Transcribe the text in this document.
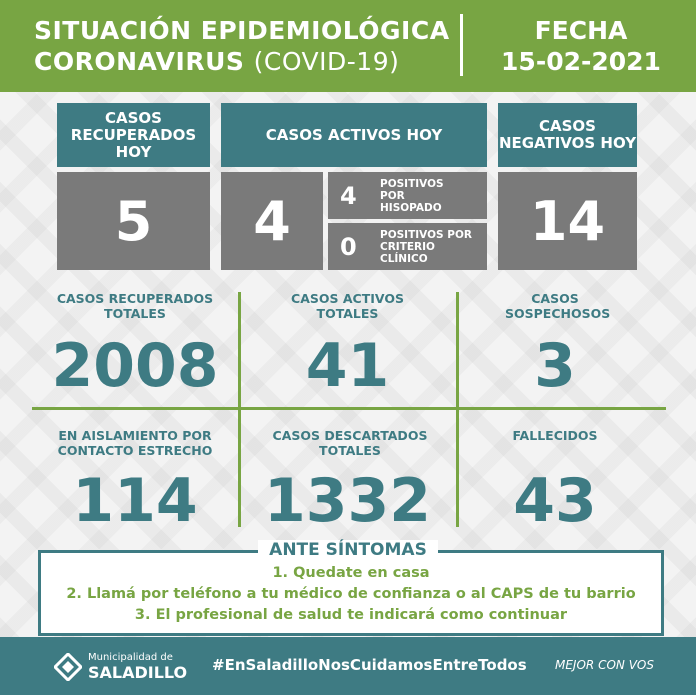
SITUACIÓN EPIDEMIOLÓGICA
CORONAVIRUS (COVID-19)
FECHA
15-02-2021
CASOS RECUPERADOS HOY
CASOS ACTIVOS HOY	CASOS NEGATIVOS HOY
5 4 4 POSITIVOS POR HISOPADO
0 POSITIVOS POR CRITERIO CLÍNICO
14
CASOS RECUPERADOS TOTALES
2008
CASOS ACTIVOS TOTALES
41
CASOS SOSPECHOSOS
3
EN AISLAMIENTO POR CONTACTO ESTRECHO
114
CASOS DESCARTADOS TOTALES
1332
FALLECIDOS
43
ANTE SÍNTOMAS
1. Quedate en casa
2. Llamá por teléfono a tu médico de confianza o al CAPS de tu barrio
3. El profesional de salud te indicará como continuar
Municipalidad de
SALADILLO #EnSaladilloNosCuidamosEntreTodos MEJOR CON VOS
